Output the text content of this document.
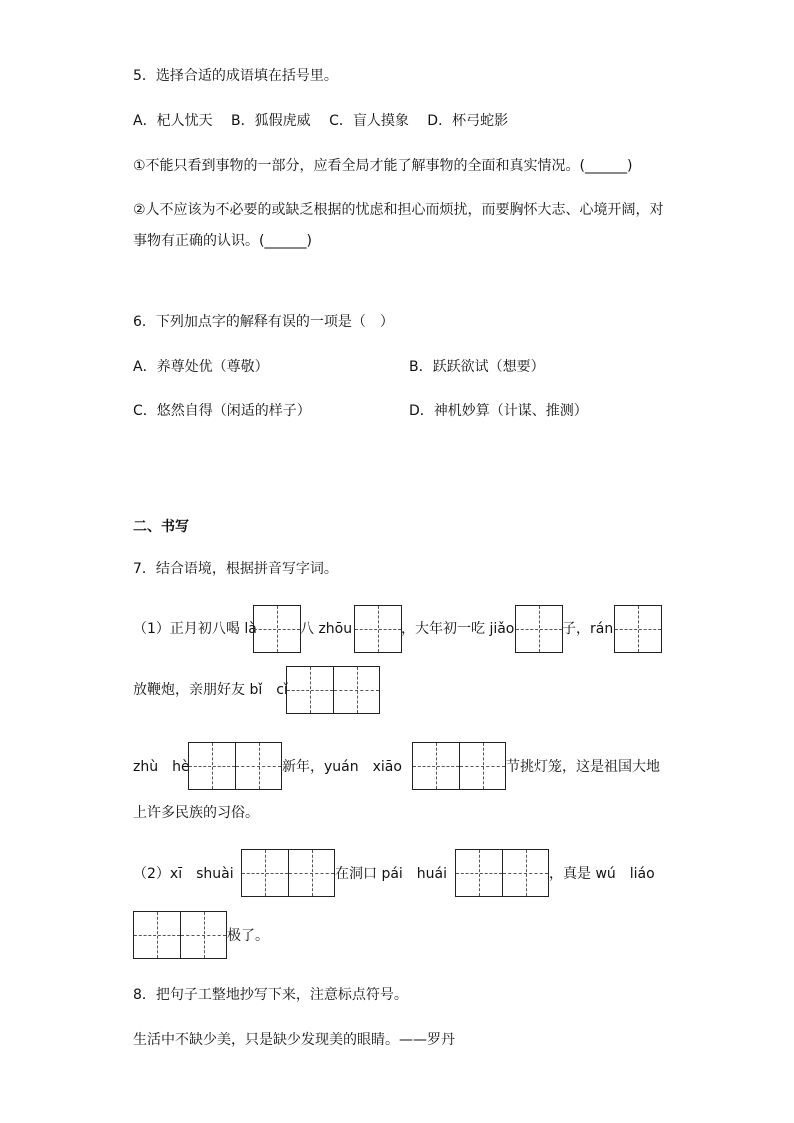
5．选择合适的成语填在括号里。
A．杞人忧天　 B．狐假虎威　 C．盲人摸象　 D．杯弓蛇影
①不能只看到事物的一部分，应看全局才能了解事物的全面和真实情况。(______)
②人不应该为不必要的或缺乏根据的忧虑和担心而烦扰，而要胸怀大志、心境开阔，对
事物有正确的认识。(______)
6．下列加点字的解释有误的一项是（　）
A．养尊处优（尊敬）	B．跃跃欲试（想要）
C．悠然自得（闲适的样子）	D．神机妙算（计谋、推测）
二、书写
7．结合语境，根据拼音写字词。
（1）正月初八喝 là	八 zhōu	，大年初一吃 jiǎo	子，rán
放鞭炮，亲朋好友 bǐ　cǐ
zhù　hè	新年，yuán　xiāo	节挑灯笼，这是祖国大地
上许多民族的习俗。
（2）xī　shuài	在洞口 pái　huái	，真是 wú　liáo
极了。
8．把句子工整地抄写下来，注意标点符号。
生活中不缺少美，只是缺少发现美的眼睛。——罗丹
